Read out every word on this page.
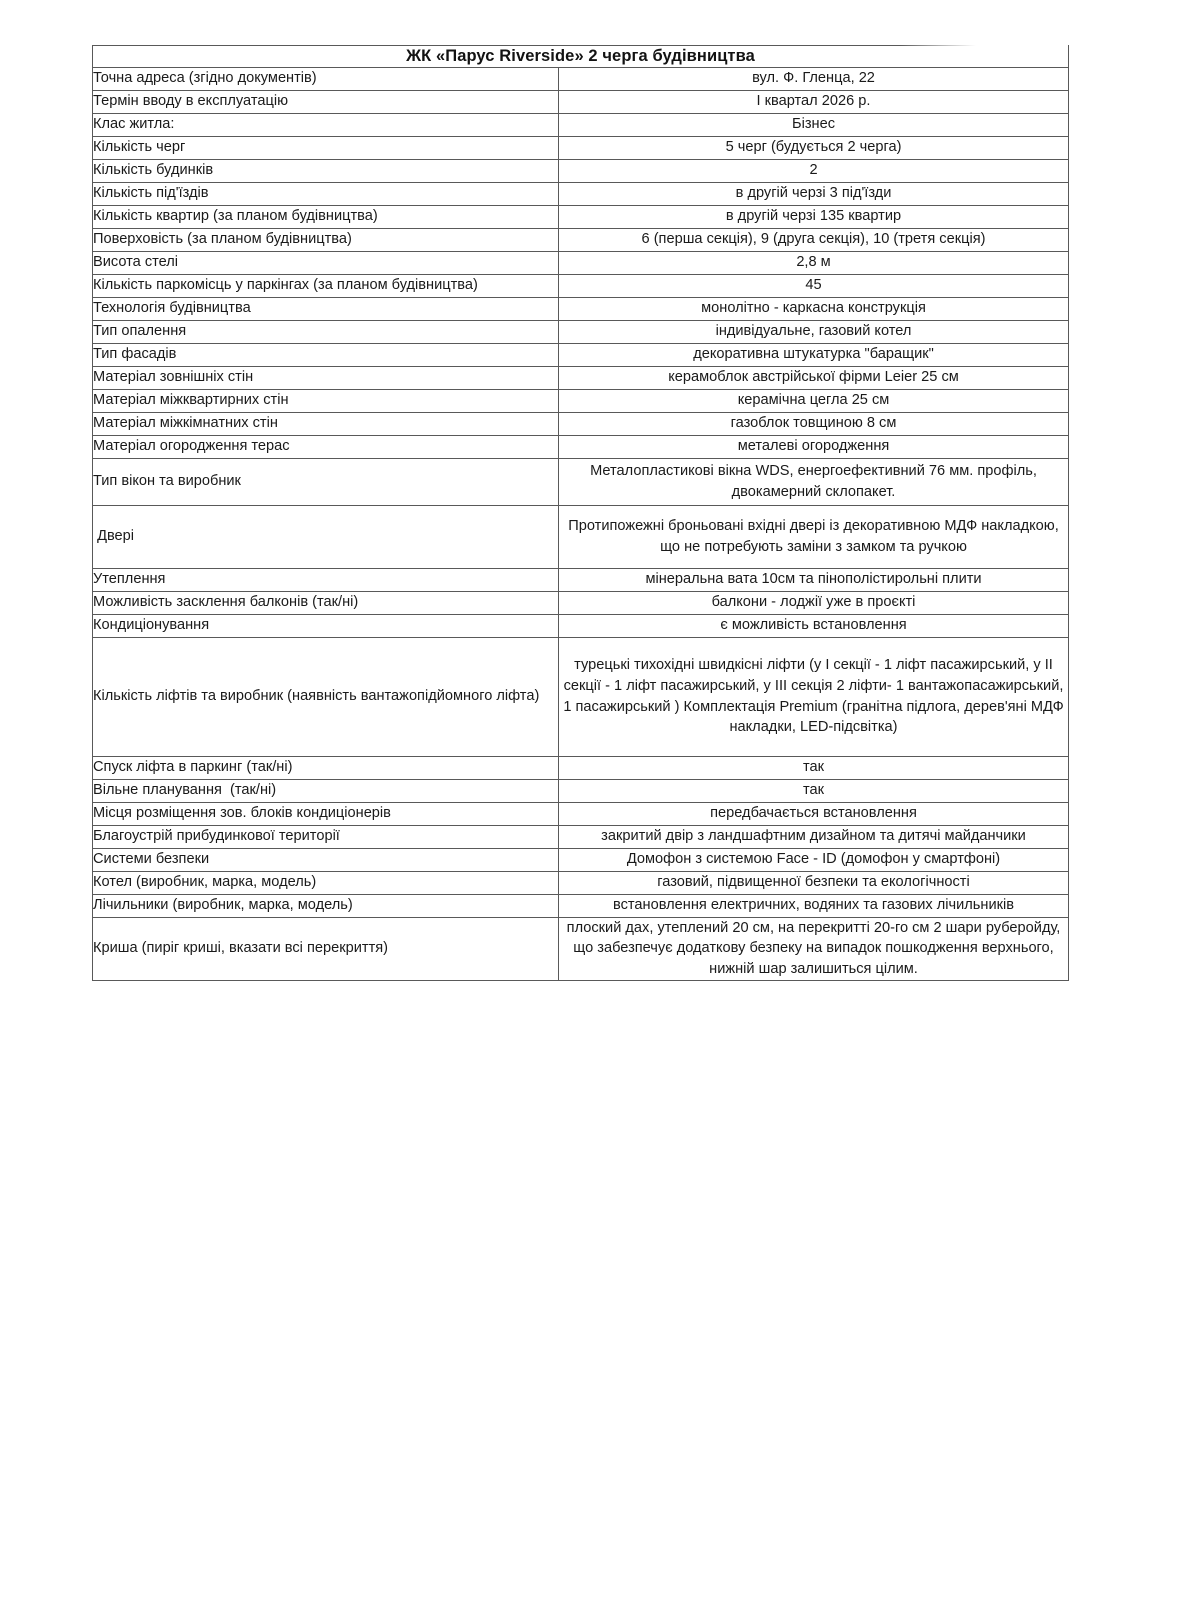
ЖК «Парус Riverside» 2 черга будівництва	
Точна адреса (згідно документів)	вул. Ф. Гленца, 22
Термін вводу в експлуатацію	I квартал 2026 р.
Клас житла:	Бізнес
Кількість черг	5 черг (будується 2 черга)
Кількість будинків	2
Кількість під'їздів	в другій черзі 3 під'їзди
Кількість квартир (за планом будівництва)	в другій черзі 135 квартир
Поверховість (за планом будівництва)	6 (перша секція), 9 (друга секція), 10 (третя секція)
Висота стелі	2,8 м
Кількість паркомісць у паркінгах (за планом будівництва)	45
Технологія будівництва	монолітно - каркасна конструкція
Тип опалення	індивідуальне, газовий котел
Тип фасадів	декоративна штукатурка "баращик"
Матеріал зовнішніх стін	керамоблок австрійської фірми Leier 25 см
Матеріал міжквартирних стін	керамічна цегла 25 см
Матеріал міжкімнатних стін	газоблок товщиною 8 см
Матеріал огородження терас	металеві огородження
Тип вікон та виробник	Металопластикові вікна WDS, енергоефективний 76 мм. профіль, двокамерний склопакет.
Двері	Протипожежні броньовані вхідні двері із декоративною МДФ накладкою, що не потребують заміни з замком та ручкою
Утеплення	мінеральна вата 10см та пінополістирольні плити
Можливість засклення балконів (так/ні)	балкони - лоджії уже в проєкті
Кондиціонування	є можливість встановлення
Кількість ліфтів та виробник (наявність вантажопідйомного ліфта)	турецькі тихохідні швидкісні ліфти (у I секції - 1 ліфт пасажирський, у II секції - 1 ліфт пасажирський, у III секція 2 ліфти- 1 вантажопасажирський, 1 пасажирський ) Комплектація Premium (гранітна підлога, дерев'яні МДФ накладки, LED-підсвітка)
Спуск ліфта в паркинг (так/ні)	так
Вільне планування  (так/ні)	так
Місця розміщення зов. блоків кондиціонерів	передбачається встановлення
Благоустрій прибудинкової території	закритий двір з ландшафтним дизайном та дитячі майданчики
Системи безпеки	Домофон з системою Face - ID (домофон у смартфоні)
Котел (виробник, марка, модель)	газовий, підвищенної безпеки та екологічності
Лічильники (виробник, марка, модель)	встановлення електричних, водяних та газових лічильників
Криша (пиріг криші, вказати всі перекриття)	плоский дах, утеплений 20 см, на перекритті 20-го см 2 шари руберойду, що забезпечує додаткову безпеку на випадок пошкодження верхнього, нижній шар залишиться цілим.
